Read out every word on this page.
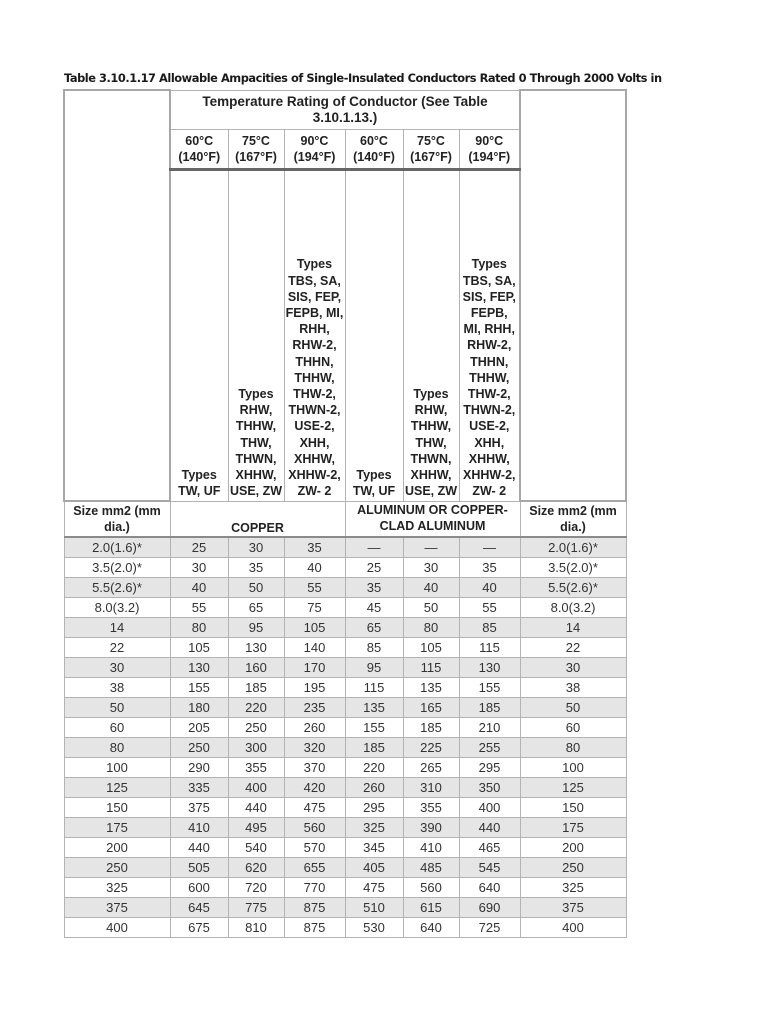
Table 3.10.1.17 Allowable Ampacities of Single-Insulated Conductors Rated 0 Through 2000 Volts in
	Temperature Rating of Conductor (See Table 3.10.1.13.)						
	60°C (140°F)	75°C (167°F)	90°C (194°F)	60°C (140°F)	75°C (167°F)	90°C (194°F)	
	Types TW, UF	Types RHW, THHW, THW, THWN, XHHW, USE, ZW	Types TBS, SA, SIS, FEP, FEPB, MI, RHH, RHW-2, THHN, THHW, THW-2, THWN-2, USE-2, XHH, XHHW, XHHW-2, ZW- 2	Types TW, UF	Types RHW, THHW, THW, THWN, XHHW, USE, ZW	Types TBS, SA, SIS, FEP, FEPB, MI, RHH, RHW-2, THHN, THHW, THW-2, THWN-2, USE-2, XHH, XHHW, XHHW-2, ZW- 2	
Size mm2 (mm dia.)	COPPER			ALUMINUM OR COPPER-CLAD ALUMINUM			Size mm2 (mm dia.)
2.0(1.6)*	25	30	35	—	—	—	2.0(1.6)*
3.5(2.0)*	30	35	40	25	30	35	3.5(2.0)*
5.5(2.6)*	40	50	55	35	40	40	5.5(2.6)*
8.0(3.2)	55	65	75	45	50	55	8.0(3.2)
14	80	95	105	65	80	85	14
22	105	130	140	85	105	115	22
30	130	160	170	95	115	130	30
38	155	185	195	115	135	155	38
50	180	220	235	135	165	185	50
60	205	250	260	155	185	210	60
80	250	300	320	185	225	255	80
100	290	355	370	220	265	295	100
125	335	400	420	260	310	350	125
150	375	440	475	295	355	400	150
175	410	495	560	325	390	440	175
200	440	540	570	345	410	465	200
250	505	620	655	405	485	545	250
325	600	720	770	475	560	640	325
375	645	775	875	510	615	690	375
400	675	810	875	530	640	725	400
